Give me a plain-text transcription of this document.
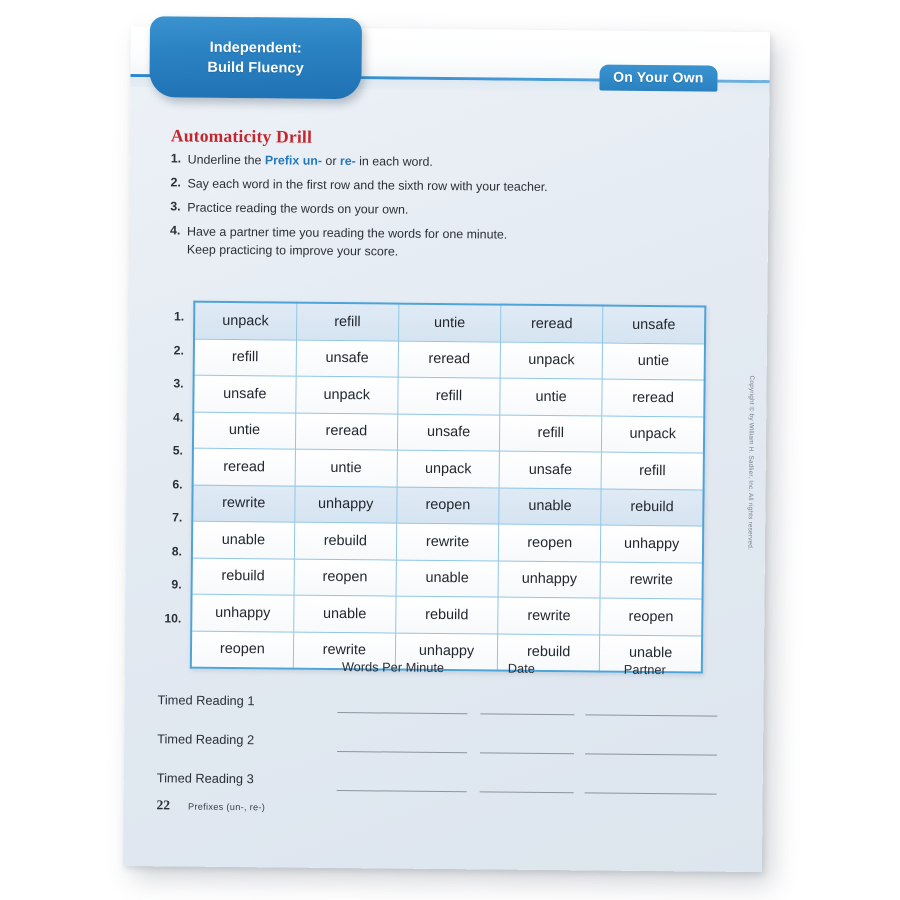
Independent:
Build Fluency
On Your Own
Automaticity Drill
1. Underline the Prefix un- or re- in each word.
2. Say each word in the first row and the sixth row with your teacher.
3. Practice reading the words on your own.
4. Have a partner time you reading the words for one minute.
Keep practicing to improve your score.
1.
2.
3.
4.
5.
6.
7.
8.
9.
10.
unpack	refill	untie	reread	unsafe
refill	unsafe	reread	unpack	untie
unsafe	unpack	refill	untie	reread
untie	reread	unsafe	refill	unpack
reread	untie	unpack	unsafe	refill
rewrite	unhappy	reopen	unable	rebuild
unable	rebuild	rewrite	reopen	unhappy
rebuild	reopen	unable	unhappy	rewrite
unhappy	unable	rebuild	rewrite	reopen
reopen	rewrite	unhappy	rebuild	unable
Words Per Minute	Date	Partner
Timed Reading 1
Timed Reading 2
Timed Reading 3
22 Prefixes (un-, re-)
Copyright © by William H. Sadlier, Inc. All rights reserved.
